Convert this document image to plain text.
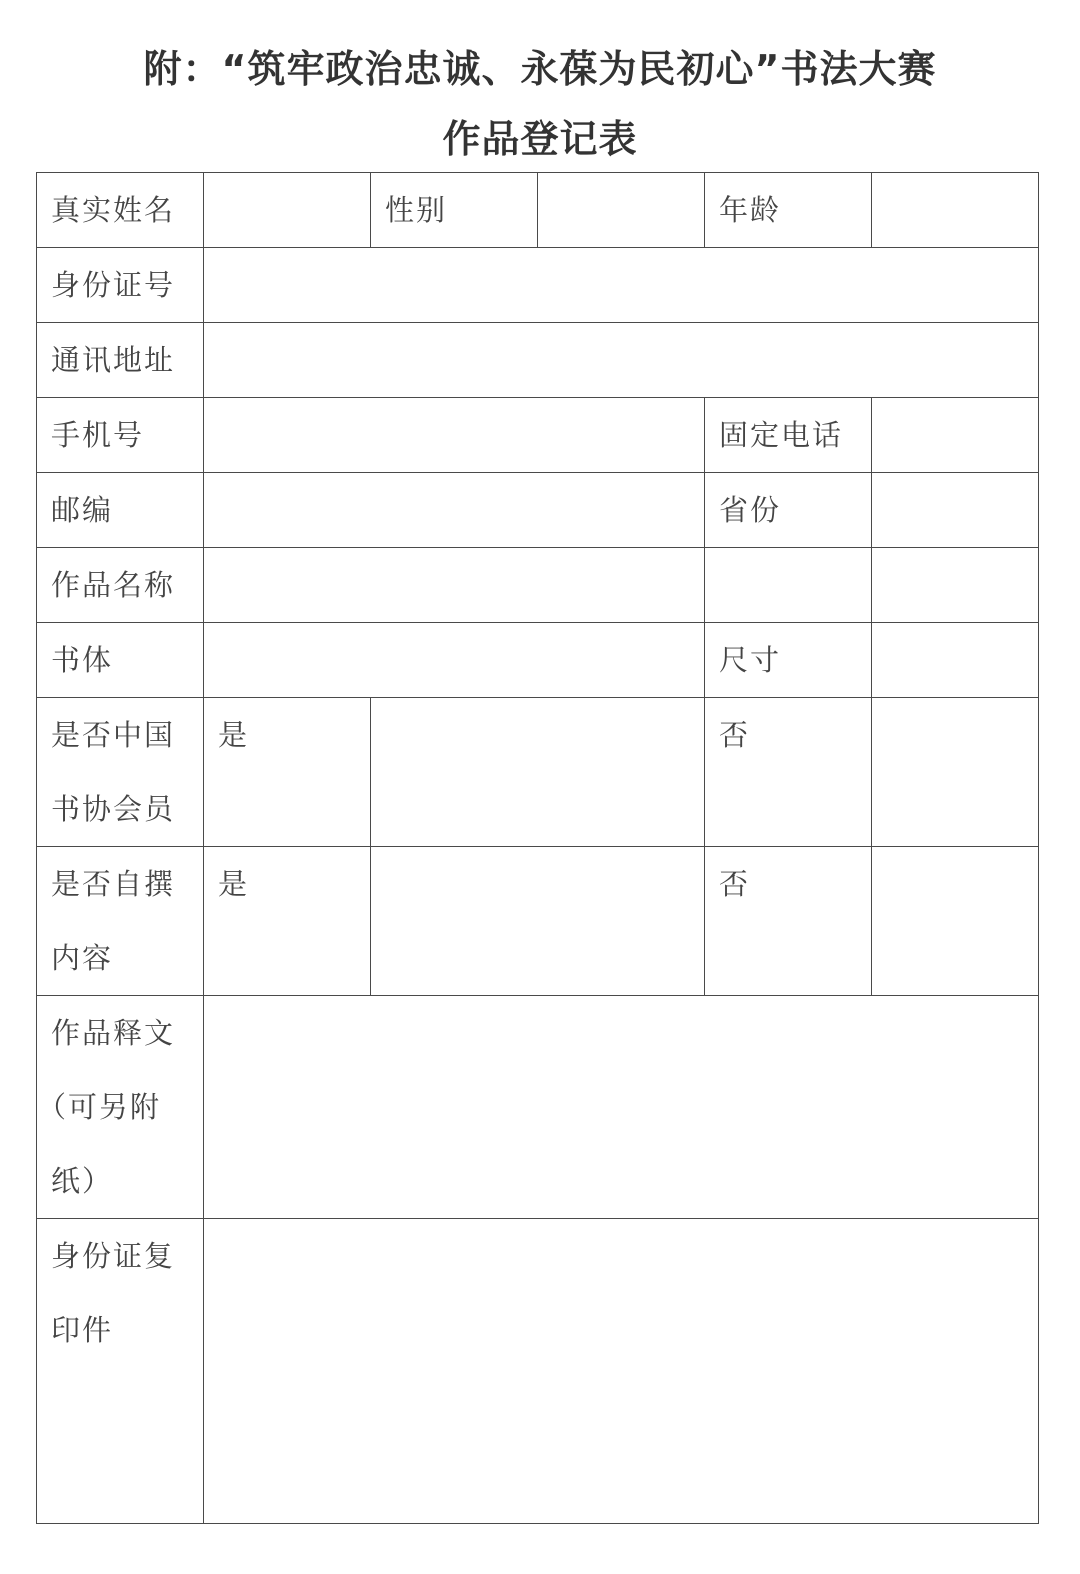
附：“筑牢政治忠诚、永葆为民初心”书法大赛
作品登记表
真实姓名		性别		年龄	

身份证号					

通讯地址					

手机号				固定电话	

邮编				省份	

作品名称					

书体				尺寸	

是否中国
书协会员	是			否	

是否自撰
内容	是			否	

作品释文
（可另附
纸）					

身份证复
印件					
